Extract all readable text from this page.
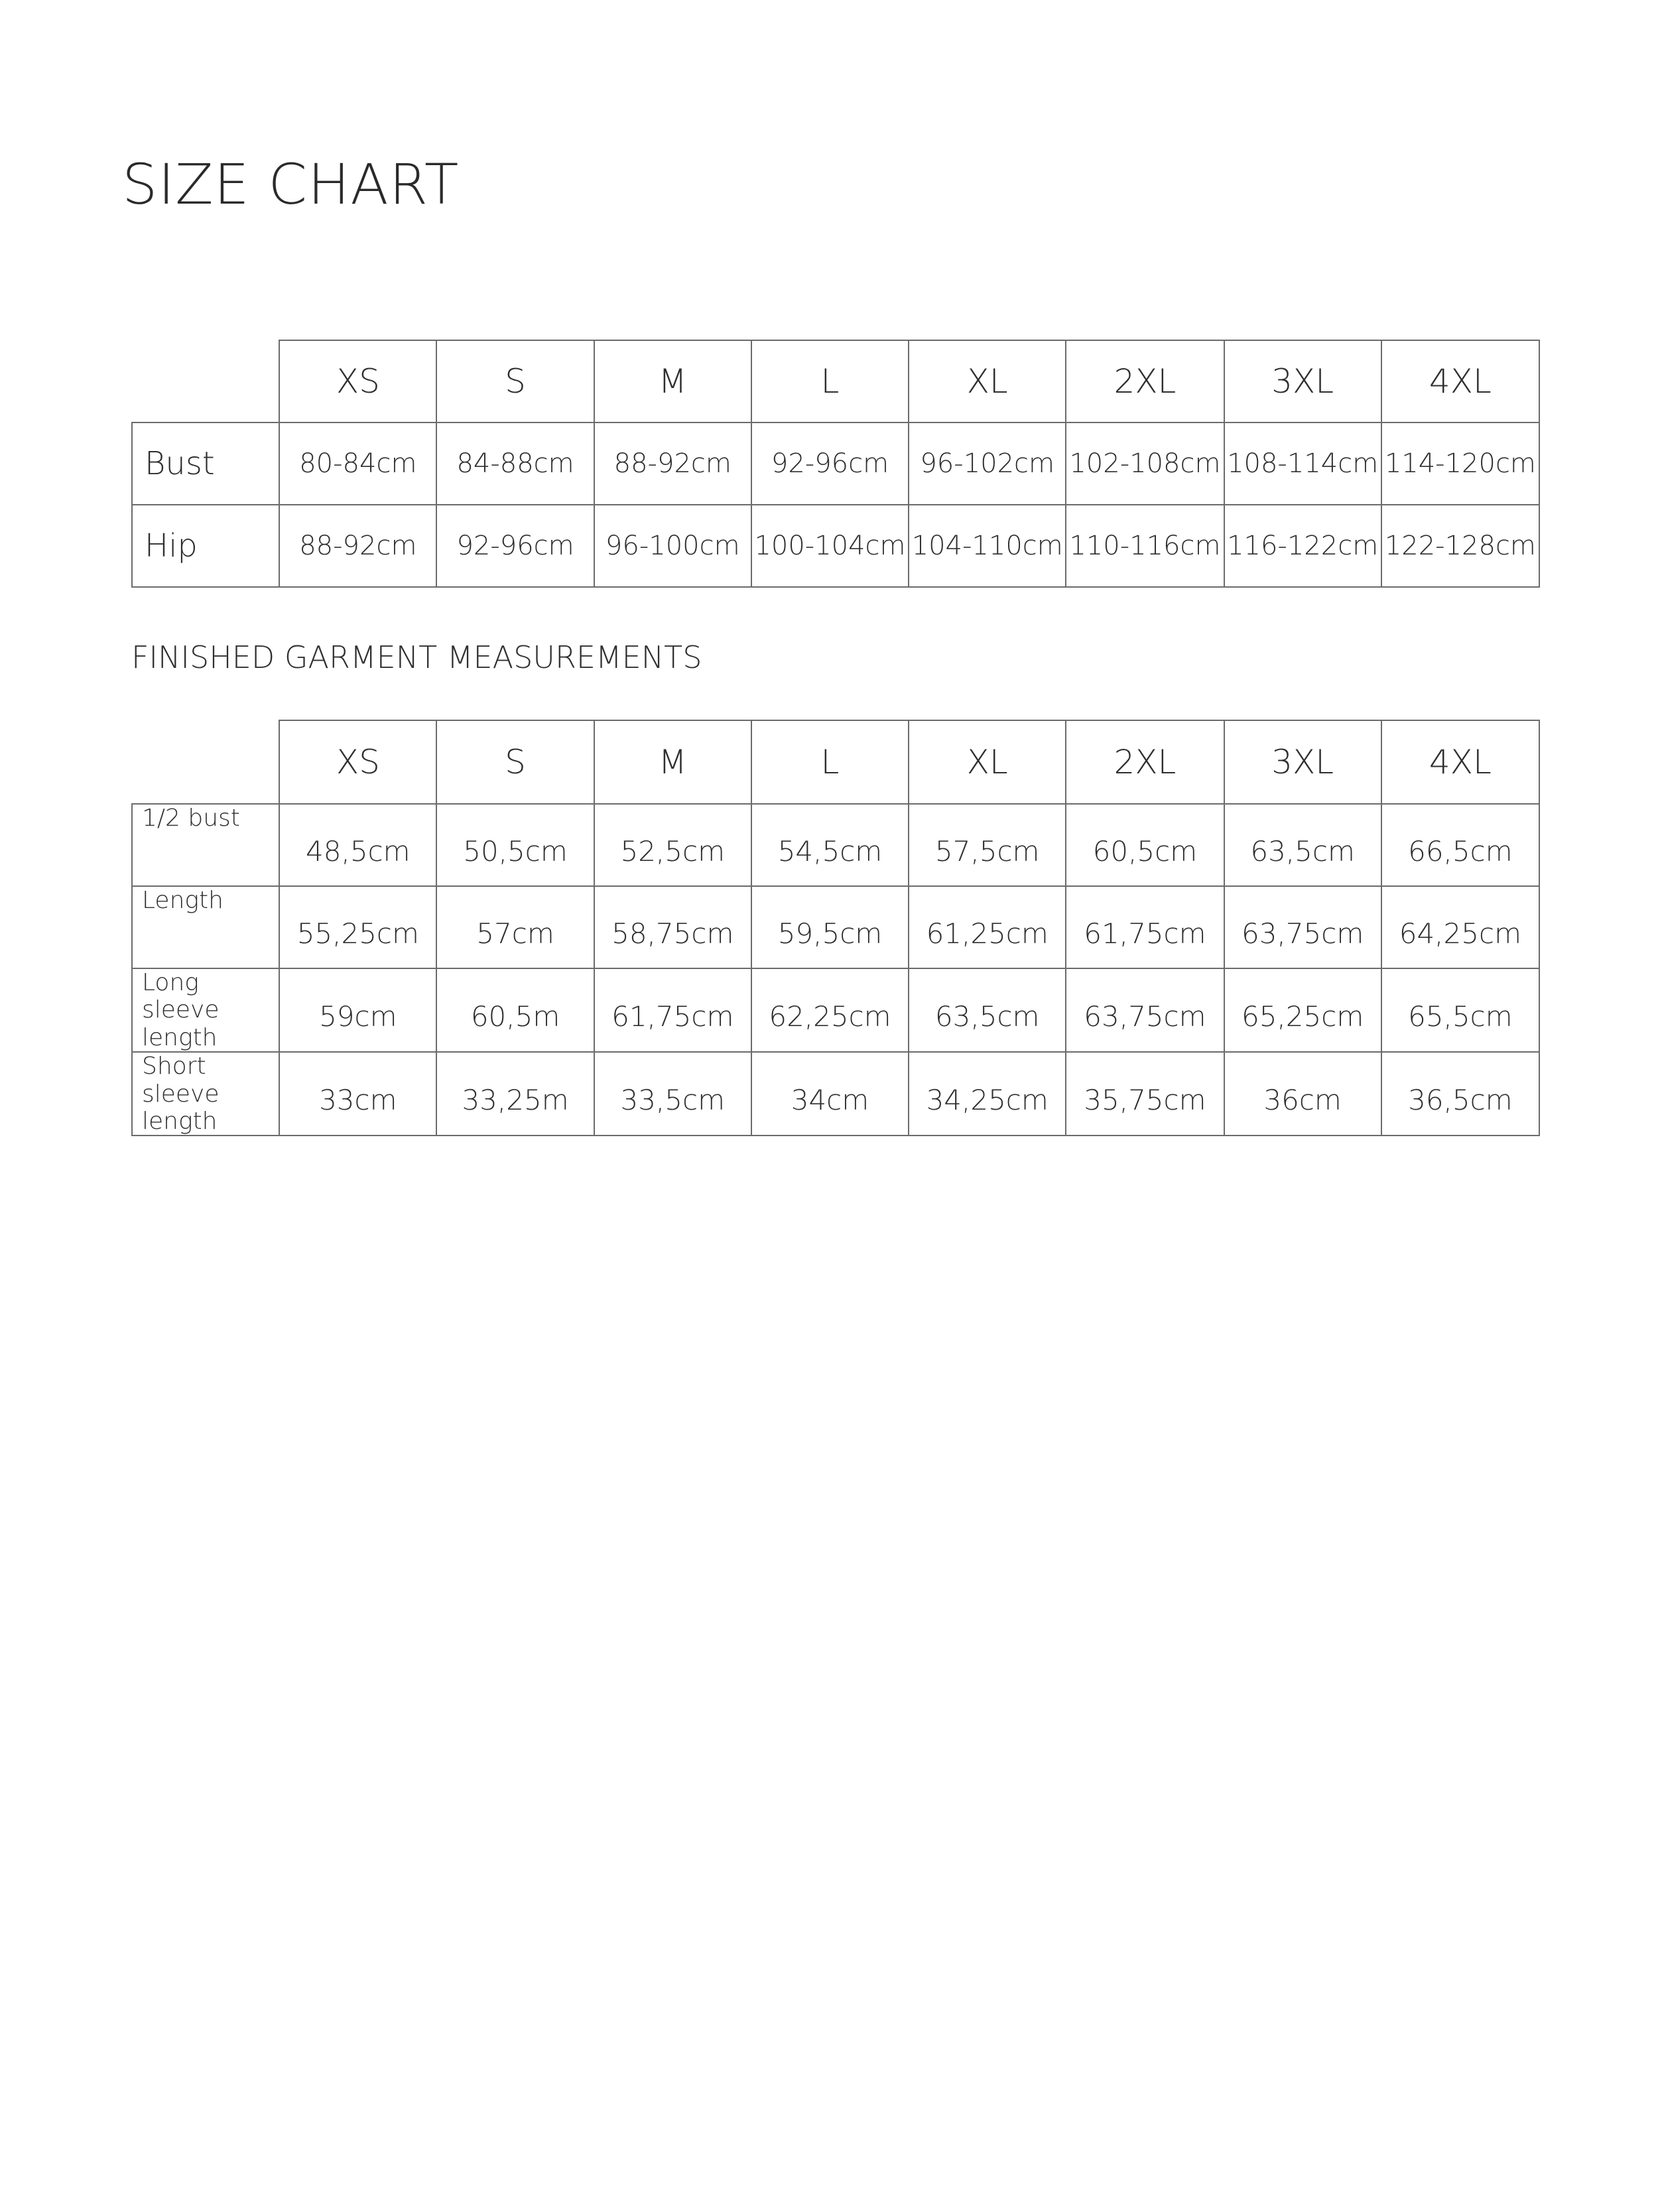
SIZE CHART
	XS	S	M	L	XL	2XL	3XL	4XL
Bust	80-84cm	84-88cm	88-92cm	92-96cm	96-102cm	102-108cm	108-114cm	114-120cm
Hip	88-92cm	92-96cm	96-100cm	100-104cm	104-110cm	110-116cm	116-122cm	122-128cm
FINISHED GARMENT MEASUREMENTS
	XS	S	M	L	XL	2XL	3XL	4XL
1/2 bust	48,5cm	50,5cm	52,5cm	54,5cm	57,5cm	60,5cm	63,5cm	66,5cm
Length	55,25cm	57cm	58,75cm	59,5cm	61,25cm	61,75cm	63,75cm	64,25cm
Long sleeve length	59cm	60,5m	61,75cm	62,25cm	63,5cm	63,75cm	65,25cm	65,5cm
Short sleeve length	33cm	33,25m	33,5cm	34cm	34,25cm	35,75cm	36cm	36,5cm
